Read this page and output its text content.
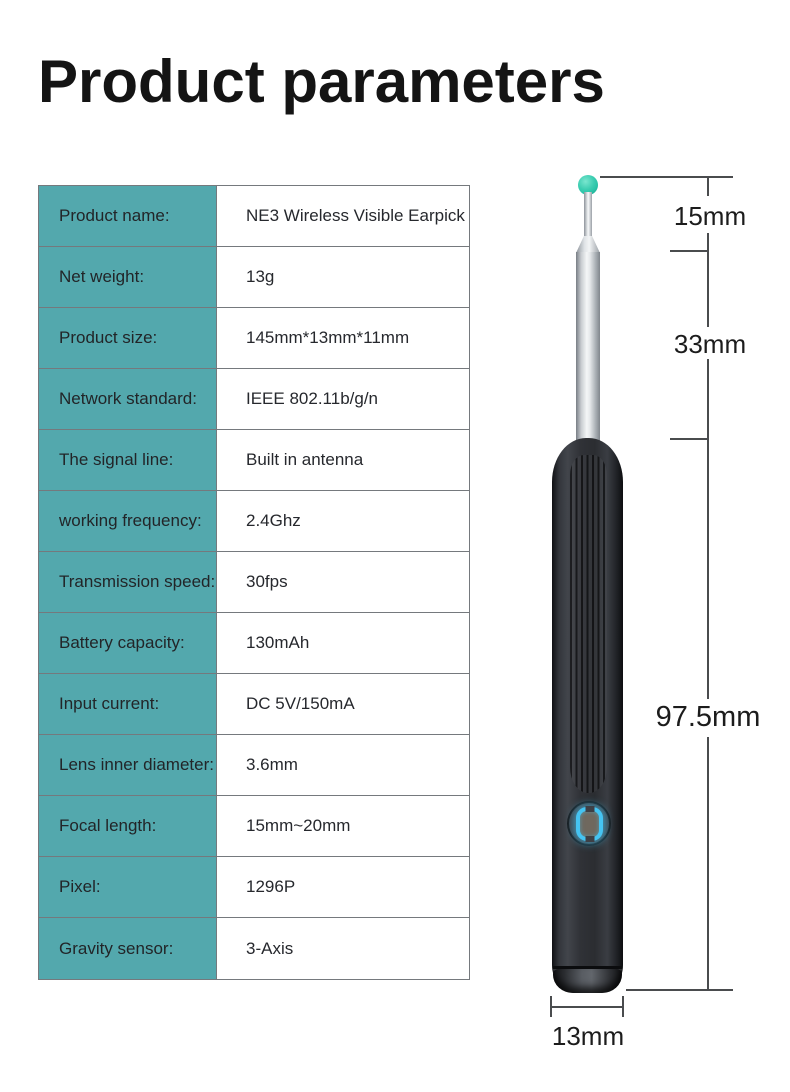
Product parameters
Product name:	NE3 Wireless Visible Earpick
Net weight:	13g
Product size:	145mm*13mm*11mm
Network standard:	IEEE 802.11b/g/n
The signal line:	Built in antenna
working frequency:	2.4Ghz
Transmission speed:	30fps
Battery capacity:	130mAh
Input current:	DC 5V/150mA
Lens inner diameter:	3.6mm
Focal length:	15mm~20mm
Pixel:	1296P
Gravity sensor:	3-Axis
15mm
33mm
97.5mm
13mm
